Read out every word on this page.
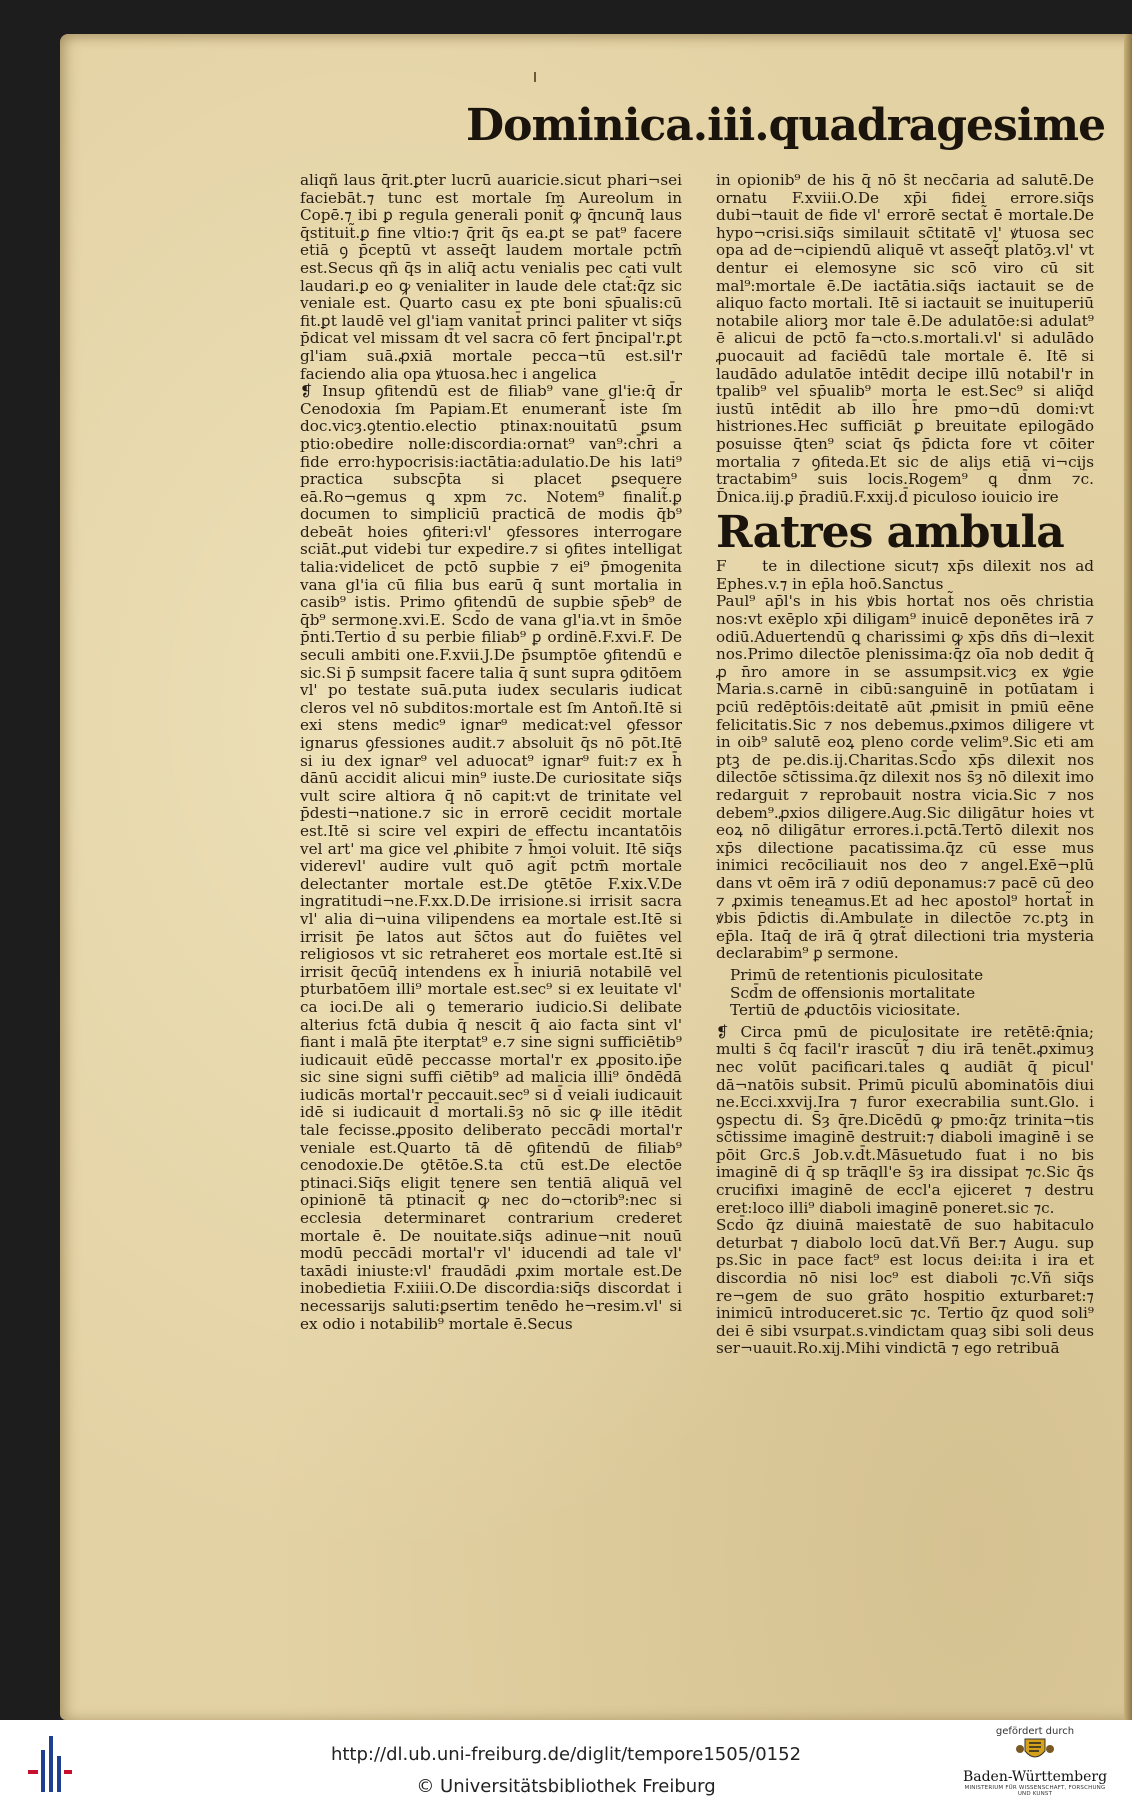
Dominica.iii.quadragesime

aliqñ laus q̄rit̃.ꝑter lucrū auaricie.sicut phari¬sei faciebāt.⁊ tunc est mortale ſm Aureolum in Copē.⁊ ibi ꝑ regula generali ponit̃ ꝙ q̄ncunq̄ laus q̄stituit̃.ꝑ fine vltio:⁊ q̄rit q̄s ea.ꝑt se pat⁹ facere etiā ꝯ p̄ceptū vt asseq̄t laudem mortale pctm̄ est.Secus qñ q̄s in aliq̄ actu venialis pec cati vult laudari.ꝑ eo ꝙ venialiter in laude dele ctat̃:q̄z sic veniale est. Quarto casu ex pte boni sp̄ualis:cū fit.ꝑt laudē vel gl'iam vanitat̄ princi paliter vt siq̄s p̄dicat vel missam d̄t vel sacra cō fert p̄ncipal'r.ꝑt gl'iam suā.ꝓxiā mortale pecca¬tū est.sil'r faciendo alia opa ꝟtuosa.hec i angelica

❡ Insup ꝯfitendū est de filiab⁹ vane gl'ie:q̄ d̄r Cenodoxia ſm Papiam.Et enumerant̃ iste ſm doc.vicȝ.ꝯtentio.electio ptinax:nouitatū ꝑsum ptio:obedire nolle:discordia:ornat⁹ van⁹:ch̄ri a fide erro:hypocrisis:iactātia:adulatio.De his lati⁹ practica subscp̄ta si placet ꝑsequere eā.Ro¬gemus ꝗ xpm ⁊c. Notem⁹ finalit̃.ꝑ documen to simpliciū practicā de modis q̄b⁹ debeāt hoies ꝯfiteri:vl' ꝯfessores interrogare sciāt.ꝓut videbi tur expedire.⁊ si ꝯfites intelligat talia:videlicet de pctō supbie ⁊ ei⁹ p̄mogenita vana gl'ia cū filia bus earū q̄ sunt mortalia in casib⁹ istis. Primo ꝯfitendū de supbie sp̄eb⁹ de q̄b⁹ sermone.xvi.E. Scd̄o de vana gl'ia.vt in s̄mōe p̄nti.Tertio d̄ su perbie filiab⁹ ꝑ ordinē.F.xvi.F. De seculi ambiti one.F.xvii.J.De p̄sumptōe ꝯfitendū e sic.Si p̄ sumpsit facere talia q̄ sunt supra ꝯditōem vl' po testate suā.puta iudex secularis iudicat cleros vel nō subditos:mortale est ſm Antoñ.Itē si exi stens medic⁹ ignar⁹ medicat:vel ꝯfessor ignarus ꝯfessiones audit.⁊ absoluit q̄s nō pōt.Itē si iu dex ignar⁹ vel aduocat⁹ ignar⁹ fuit:⁊ ex h̄ dānū accidit alicui min⁹ iuste.De curiositate siq̄s vult scire altiora q̄ nō capit:vt de trinitate vel p̄desti¬natione.⁊ sic in errorē cecidit mortale est.Itē si scire vel expiri de effectu incantatōis vel art' ma gice vel ꝓhibite ⁊ h̄moi voluit. Itē siq̄s viderevl' audire vult quō agit̃ pctm̄ mortale delectanter mortale est.De ꝯtētōe F.xix.V.De ingratitudi¬ne.F.xx.D.De irrisione.si irrisit sacra vl' alia di¬uina vilipendens ea mortale est.Itē si irrisit p̄e latos aut s̄c̄tos aut d̄o fuiētes vel religiosos vt sic retraheret eos mortale est.Itē si irrisit q̄ecūq̄ intendens ex h̄ iniuriā notabilē vel pturbatōem illi⁹ mortale est.sec⁹ si ex leuitate vl' ca ioci.De ali ꝯ temerario iudicio.Si delibate alterius fctā dubia q̄ nescit q̄ aio facta sint vl' fiant i malā p̄te iterptat⁹ e.⁊ sine signi sufficiētib⁹ iudicauit eūdē peccasse mortal'r ex ꝓposito.ip̄e sic sine signi suffi ciētib⁹ ad malicia illi⁹ ōndēdā iudicās mortal'r peccauit.sec⁹ si d̄ veiali iudicauit idē si iudicauit d̄ mortali.s̄ȝ nō sic ꝙ ille itēdit tale fecisse.ꝓposito deliberato peccādi mortal'r veniale est.Quarto tā dē ꝯfitendū de filiab⁹ cenodoxie.De ꝯtētōe.S.ta ctū est.De electōe ptinaci.Siq̄s eligit tenere sen tentiā aliquā vel opinionē tā ptinacit̃ ꝙ nec do¬ctorib⁹:nec si ecclesia determinaret contrarium crederet mortale ē. De nouitate.siq̄s adinue¬nit nouū modū peccādi mortal'r vl' iducendi ad tale vl' taxādi iniuste:vl' fraudādi ꝓxim mortale est.De inobedietia F.xiiii.O.De discordia:siq̄s discordat i necessarijs saluti:ꝑsertim tenēdo he¬resim.vl' si ex odio i notabilib⁹ mortale ē.Secus

in opionib⁹ de his q̄ nō s̄t necc̄aria ad salutē.De ornatu F.xviii.O.De xp̄i fidei errore.siq̄s dubi¬tauit de fide vl' errorē sectat̃ ē mortale.De hypo¬crisi.siq̄s similauit sc̄titatē vl' ꝟtuosa sec opa ad de¬cipiendū aliquē vt asseq̄t̃ platōȝ.vl' vt dentur ei elemosyne sic scō viro cū sit mal⁹:mortale ē.De iactātia.siq̄s iactauit se de aliquo facto mortali. Itē si iactauit se inuituperiū notabile aliorꝫ mor tale ē.De adulatōe:si adulat⁹ ē alicui de pctō fa¬cto.s.mortali.vl' si adulādo ꝓuocauit ad faciēdū tale mortale ē. Itē si laudādo adulatōe intēdit decipe illū notabil'r in tpalib⁹ vel sp̄ualib⁹ morta le est.Sec⁹ si aliq̄d iustū intēdit ab illo h̄re pmo¬dū domi:vt histriones.Hec sufficiāt ꝑ breuitate epilogādo posuisse q̄ten⁹ sciat q̄s p̄dicta fore vt cōiter mortalia ⁊ ꝯfiteda.Et sic de aliȷs etiā vi¬cijs tractabim⁹ suis locis.Rogem⁹ ꝗ d̄nm ⁊c. D̄nica.iij.ꝑ p̄radiū.F.xxij.d̄ piculoso iouicio ire

Ratres ambula

F te in dilectione sicut⁊ xp̄s dilexit nos ad Ephes.v.⁊ in ep̄la hoō.Sanctus

Paul⁹ ap̄l's in his ꝟbis hortat̃ nos oēs christia nos:vt exēplo xp̄i diligam⁹ inuicē deponētes irā ⁊ odiū.Aduertendū ꝗ charissimi ꝙ xp̄s dn̄s di¬lexit nos.Primo dilectōe plenissima:q̄z oīa nob dedit q̄ ꝓ n̄ro amore in se assumpsit.vicȝ ex ꝟgie Maria.s.carnē in cibū:sanguinē in potūatam i pciū redēptōis:deitatē aūt ꝓmisit in pmiū eēne felicitatis.Sic ⁊ nos debemus.ꝓximos diligere vt in oib⁹ salutē eoꝝ pleno corde velim⁹.Sic eti am ptꝫ de pe.dis.ij.Charitas.Scd̄o xp̄s dilexit nos dilectōe sc̄tissima.q̄z dilexit nos s̄ȝ nō dilexit imo redarguit ⁊ reprobauit nostra vicia.Sic ⁊ nos debem⁹.ꝓxios diligere.Aug.Sic diligātur hoies vt eoꝝ nō diligātur errores.i.pctā.Tertō dilexit nos xp̄s dilectione pacatissima.q̄z cū esse mus inimici recōciliauit nos deo ⁊ angel.Exē¬plū dans vt oēm irā ⁊ odiū deponamus:⁊ pacē cū deo ⁊ ꝓximis teneamus.Et ad hec apostol⁹ hortat̃ in ꝟbis p̄dictis d̄i.Ambulate in dilectōe ⁊c.ptꝫ in ep̄la. Itaq̄ de irā q̄ ꝯtrat̃ dilectioni tria mysteria declarabim⁹ ꝑ sermone.

Primū de retentionis piculositate
Scd̄m de offensionis mortalitate
Tertiū de ꝓductōis viciositate.

❡ Circa pmū de piculositate ire retētē:q̄nia; multi s̄ c̄q facil'r irascūt̃ ⁊ diu irā tenēt.ꝓximuȝ nec volūt pacificari.tales ꝗ audiāt q̄ picul' dā¬natōis subsit. Primū piculū abominatōis diui ne.Ecci.xxvij.Ira ⁊ furor execrabilia sunt.Glo. i ꝯspectu di. S̄ȝ q̄re.Dicēdū ꝙ pmo:q̄z trinita¬tis sc̄tissime imaginē destruit:⁊ diaboli imaginē i se pōit Grc.s̄ Job.v.d̄t.Māsuetudo fuat i no bis imaginē di q̄ sp trāqll'e s̄ȝ ira dissipat ⁊c.Sic q̄s crucifixi imaginē de eccl'a ejiceret ⁊ destru eret:loco illi⁹ diaboli imaginē poneret.sic ⁊c.

Scd̄o q̄z diuinā maiestatē de suo habitaculo deturbat ⁊ diabolo locū dat.Vñ Ber.⁊ Augu. sup ps.Sic in pace fact⁹ est locus dei:ita i ira et discordia nō nisi loc⁹ est diaboli ⁊c.Vñ siq̄s re¬gem de suo grāto hospitio exturbaret:⁊ inimicū introduceret.sic ⁊c. Tertio q̄z quod soli⁹ dei ē sibi vsurpat.s.vindictam quaȝ sibi soli deus ser¬uauit.Ro.xij.Mihi vindictā ⁊ ego retribuā

http://dl.ub.uni-freiburg.de/diglit/tempore1505/0152
© Universitätsbibliothek Freiburg
gefördert durch
Baden-Württemberg
MINISTERIUM FÜR WISSENSCHAFT, FORSCHUNG UND KUNST
